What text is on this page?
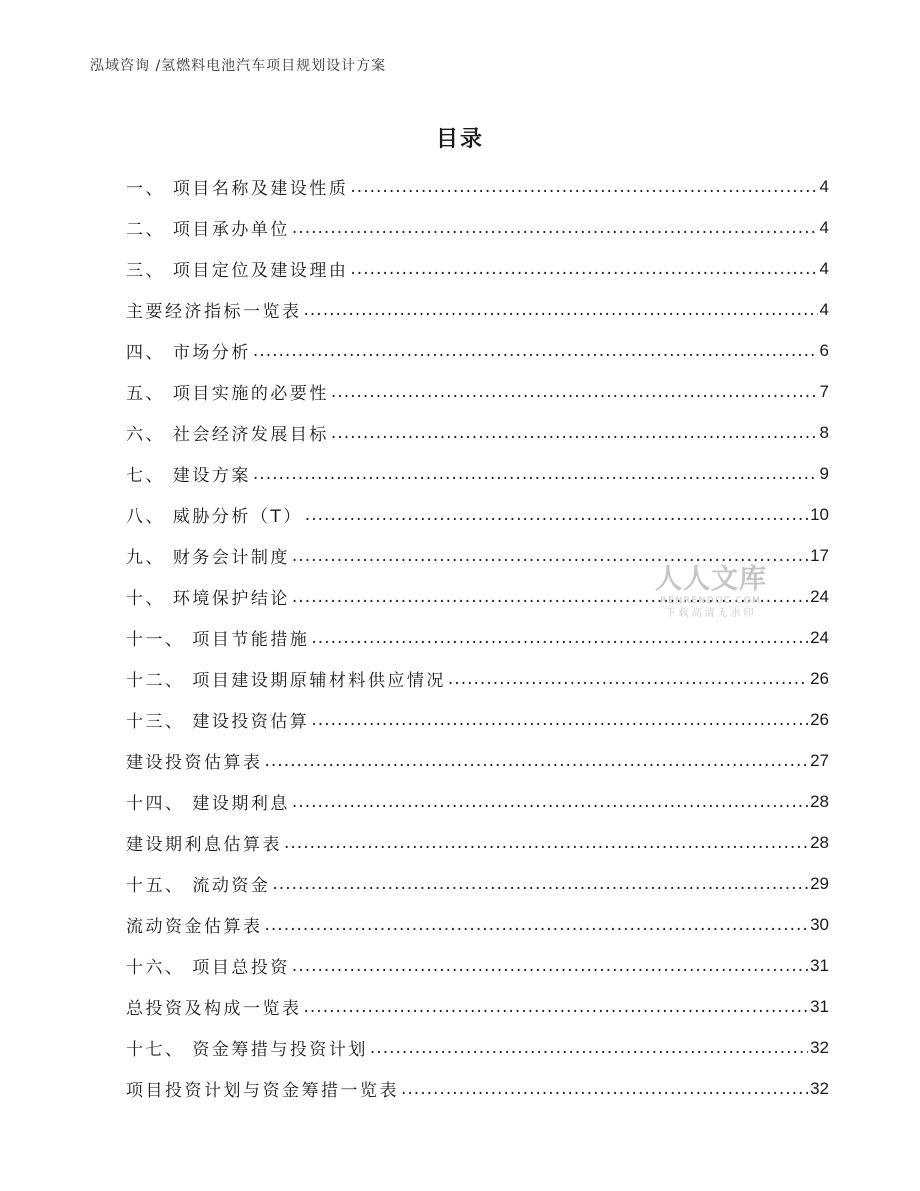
泓域咨询 /氢燃料电池汽车项目规划设计方案
目录
一、 项目名称及建设性质 .....	4
二、 项目承办单位 .....	4
三、 项目定位及建设理由 .....	4
主要经济指标一览表 .....	4
四、 市场分析 .....	6
五、 项目实施的必要性 .....	7
六、 社会经济发展目标 .....	8
七、 建设方案 .....	9
八、 威胁分析（T） .....	10
九、 财务会计制度 .....	17
十、 环境保护结论 .....	24
十一、 项目节能措施 .....	24
十二、 项目建设期原辅材料供应情况 .....	26
十三、 建设投资估算 .....	26
建设投资估算表 .....	27
十四、 建设期利息 .....	28
建设期利息估算表 .....	28
十五、 流动资金 .....	29
流动资金估算表 .....	30
十六、 项目总投资 .....	31
总投资及构成一览表 .....	31
十七、 资金筹措与投资计划 .....	32
项目投资计划与资金筹措一览表 .....	32
人人文库
RENRENDOC.COM
下载高清无水印
